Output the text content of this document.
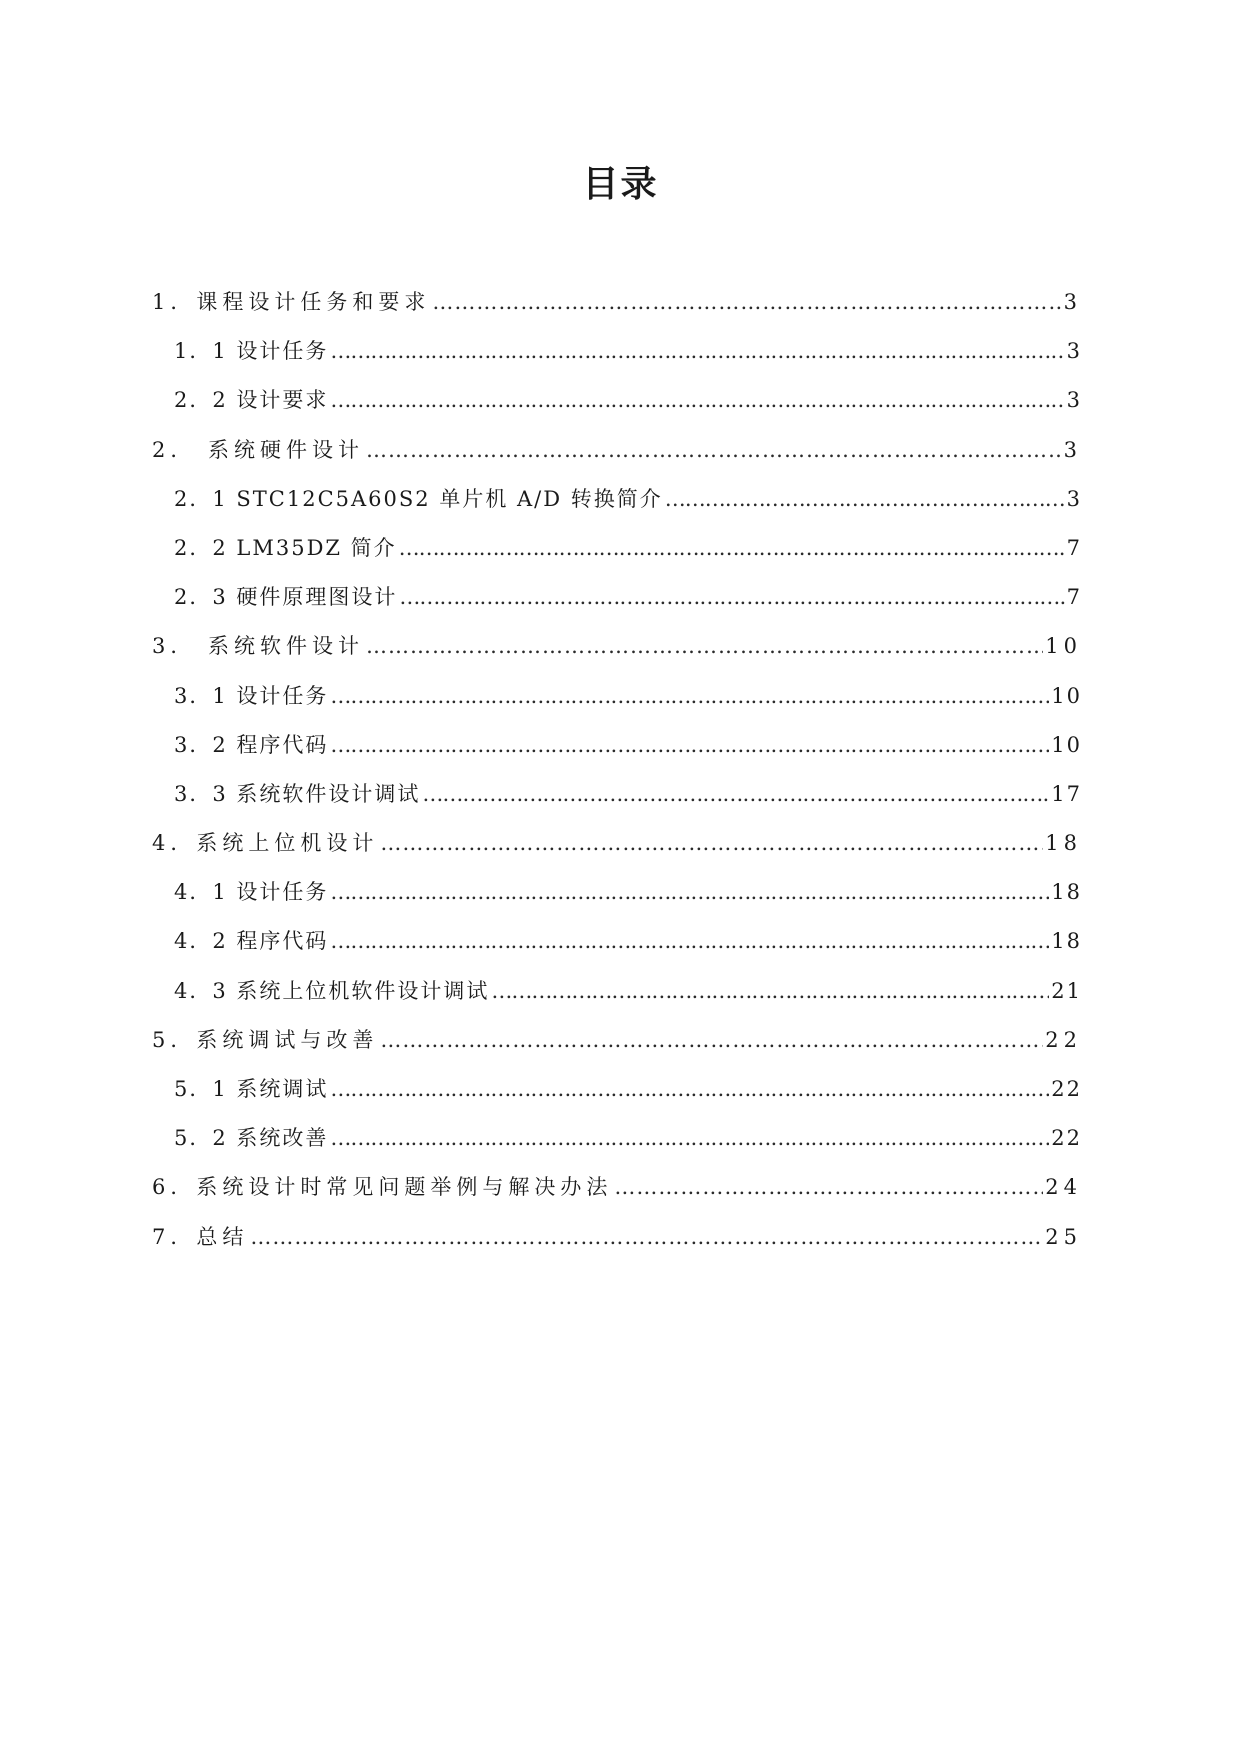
目录
1．课程设计任务和要求 ………………………………………………………………………………………………………………………………………………………………	3
1．1 设计任务 ………………………………………………………………………………………………………………………………………………………………	3
2．2 设计要求 ………………………………………………………………………………………………………………………………………………………………	3
2． 系统硬件设计 ………………………………………………………………………………………………………………………………………………………………	3
2．1 STC12C5A60S2 单片机 A/D 转换简介 ………………………………………………………………………………………………………………………………………………………………	3
2．2 LM35DZ 简介 ………………………………………………………………………………………………………………………………………………………………	7
2．3 硬件原理图设计 ………………………………………………………………………………………………………………………………………………………………	7
3． 系统软件设计 ………………………………………………………………………………………………………………………………………………………………	10
3．1 设计任务 ………………………………………………………………………………………………………………………………………………………………	10
3．2 程序代码 ………………………………………………………………………………………………………………………………………………………………	10
3．3 系统软件设计调试 ………………………………………………………………………………………………………………………………………………………………	17
4．系统上位机设计 ………………………………………………………………………………………………………………………………………………………………	18
4．1 设计任务 ………………………………………………………………………………………………………………………………………………………………	18
4．2 程序代码 ………………………………………………………………………………………………………………………………………………………………	18
4．3 系统上位机软件设计调试 ………………………………………………………………………………………………………………………………………………………………	21
5．系统调试与改善 ………………………………………………………………………………………………………………………………………………………………	22
5．1 系统调试 ………………………………………………………………………………………………………………………………………………………………	22
5．2 系统改善 ………………………………………………………………………………………………………………………………………………………………	22
6．系统设计时常见问题举例与解决办法 ………………………………………………………………………………………………………………………………………………………………	24
7．总结 ………………………………………………………………………………………………………………………………………………………………	25
